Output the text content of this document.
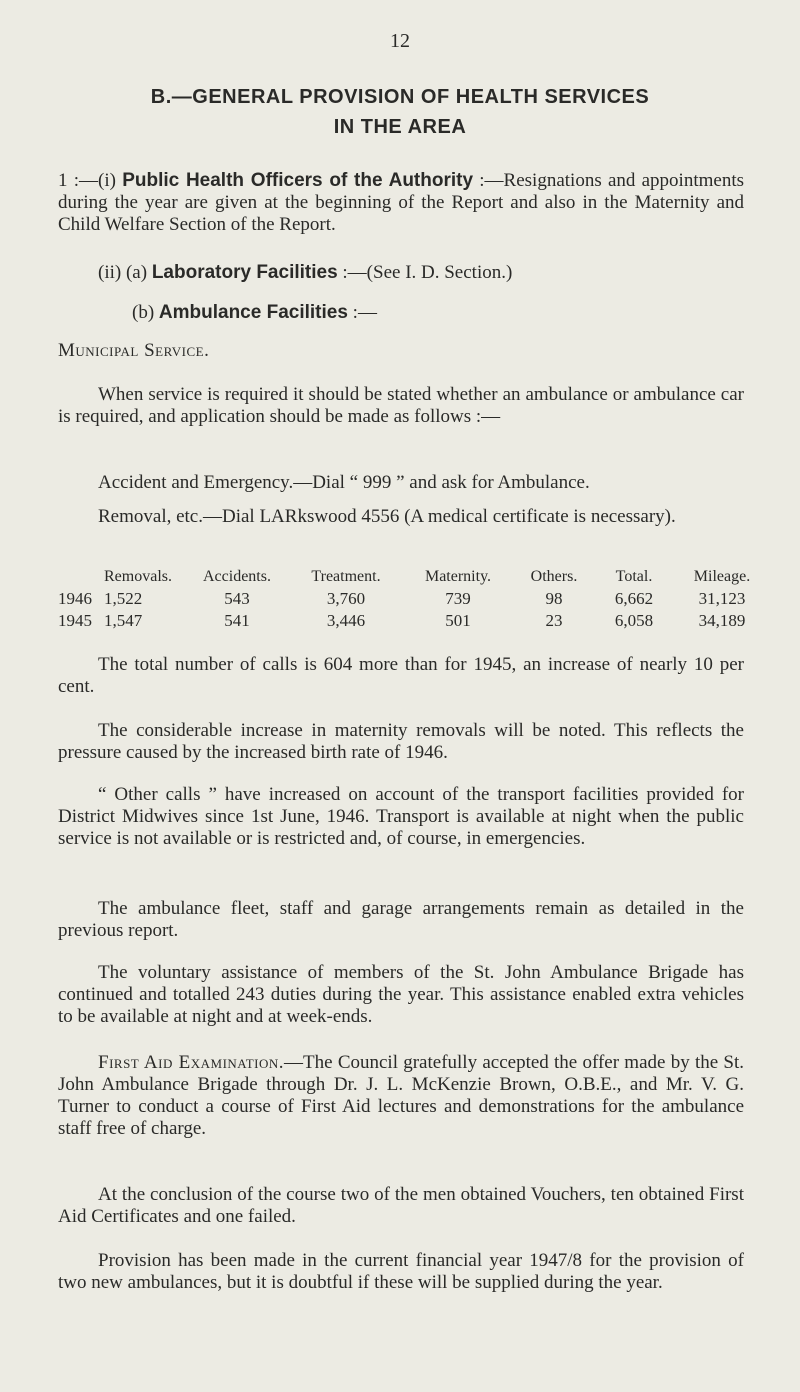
12
B.—GENERAL PROVISION OF HEALTH SERVICES
IN THE AREA
1 :—(i) Public Health Officers of the Authority :—Resignations and appointments during the year are given at the beginning of the Report and also in the Maternity and Child Welfare Section of the Report.
(ii) (a) Laboratory Facilities :—(See I. D. Section.)
(b) Ambulance Facilities :—
Municipal Service.
When service is required it should be stated whether an ambulance or ambulance car is required, and application should be made as follows :—
Accident and Emergency.—Dial “ 999 ” and ask for Ambulance.
Removal, etc.—Dial LARkswood 4556 (A medical certificate is necessary).
	Removals.	Accidents.	Treatment.	Maternity.	Others.	Total.	Mileage.
1946	1,522	543	3,760	739	98	6,662	31,123
1945	1,547	541	3,446	501	23	6,058	34,189
The total number of calls is 604 more than for 1945, an increase of nearly 10 per cent.
The considerable increase in maternity removals will be noted. This reflects the pressure caused by the increased birth rate of 1946.
“ Other calls ” have increased on account of the transport facilities provided for District Midwives since 1st June, 1946. Transport is available at night when the public service is not available or is restricted and, of course, in emergencies.
The ambulance fleet, staff and garage arrangements remain as detailed in the previous report.
The voluntary assistance of members of the St. John Ambulance Brigade has continued and totalled 243 duties during the year. This assistance enabled extra vehicles to be available at night and at week-ends.
First Aid Examination.—The Council gratefully accepted the offer made by the St. John Ambulance Brigade through Dr. J. L. McKenzie Brown, O.B.E., and Mr. V. G. Turner to conduct a course of First Aid lectures and demonstrations for the ambulance staff free of charge.
At the conclusion of the course two of the men obtained Vouchers, ten obtained First Aid Certificates and one failed.
Provision has been made in the current financial year 1947/8 for the provision of two new ambulances, but it is doubtful if these will be supplied during the year.
